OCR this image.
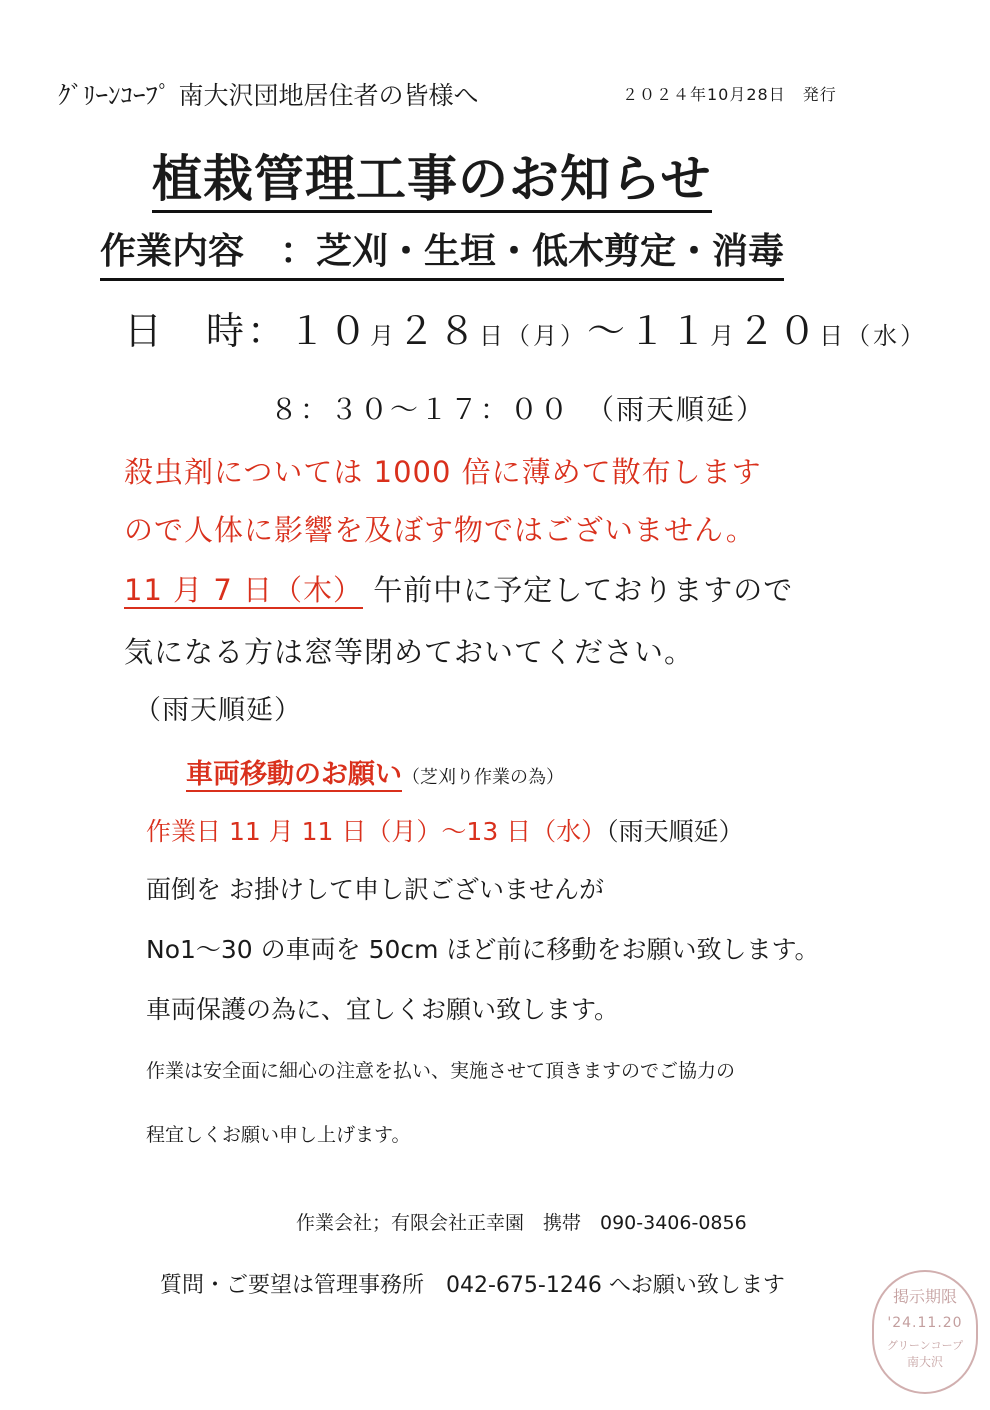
ｸﾞﾘｰﾝｺｰﾌﾟ 南大沢団地居住者の皆様へ	２０２４年10月28日　発行
植栽管理工事のお知らせ
作業内容　：芝刈・生垣・低木剪定・消毒
日　時：１０月２８日（月）～１１月２０日（水）
８：３０～１７：００　（雨天順延）
殺虫剤については 1000 倍に薄めて散布します
ので人体に影響を及ぼす物ではございません。
11 月 7 日（木） 午前中に予定しておりますので
気になる方は窓等閉めておいてください。
（雨天順延）
車両移動のお願い（芝刈り作業の為）
作業日 11 月 11 日（月）～13 日（水）（雨天順延）
面倒を お掛けして申し訳ございませんが
No1～30 の車両を 50cm ほど前に移動をお願い致します。
車両保護の為に、宜しくお願い致します。
作業は安全面に細心の注意を払い、実施させて頂きますのでご協力の
程宜しくお願い申し上げます。
作業会社；有限会社正幸園　携帯　090-3406-0856
質問・ご要望は管理事務所　042-675-1246 へお願い致します	掲示期限
'24.11.20
グリーンコープ
南大沢
